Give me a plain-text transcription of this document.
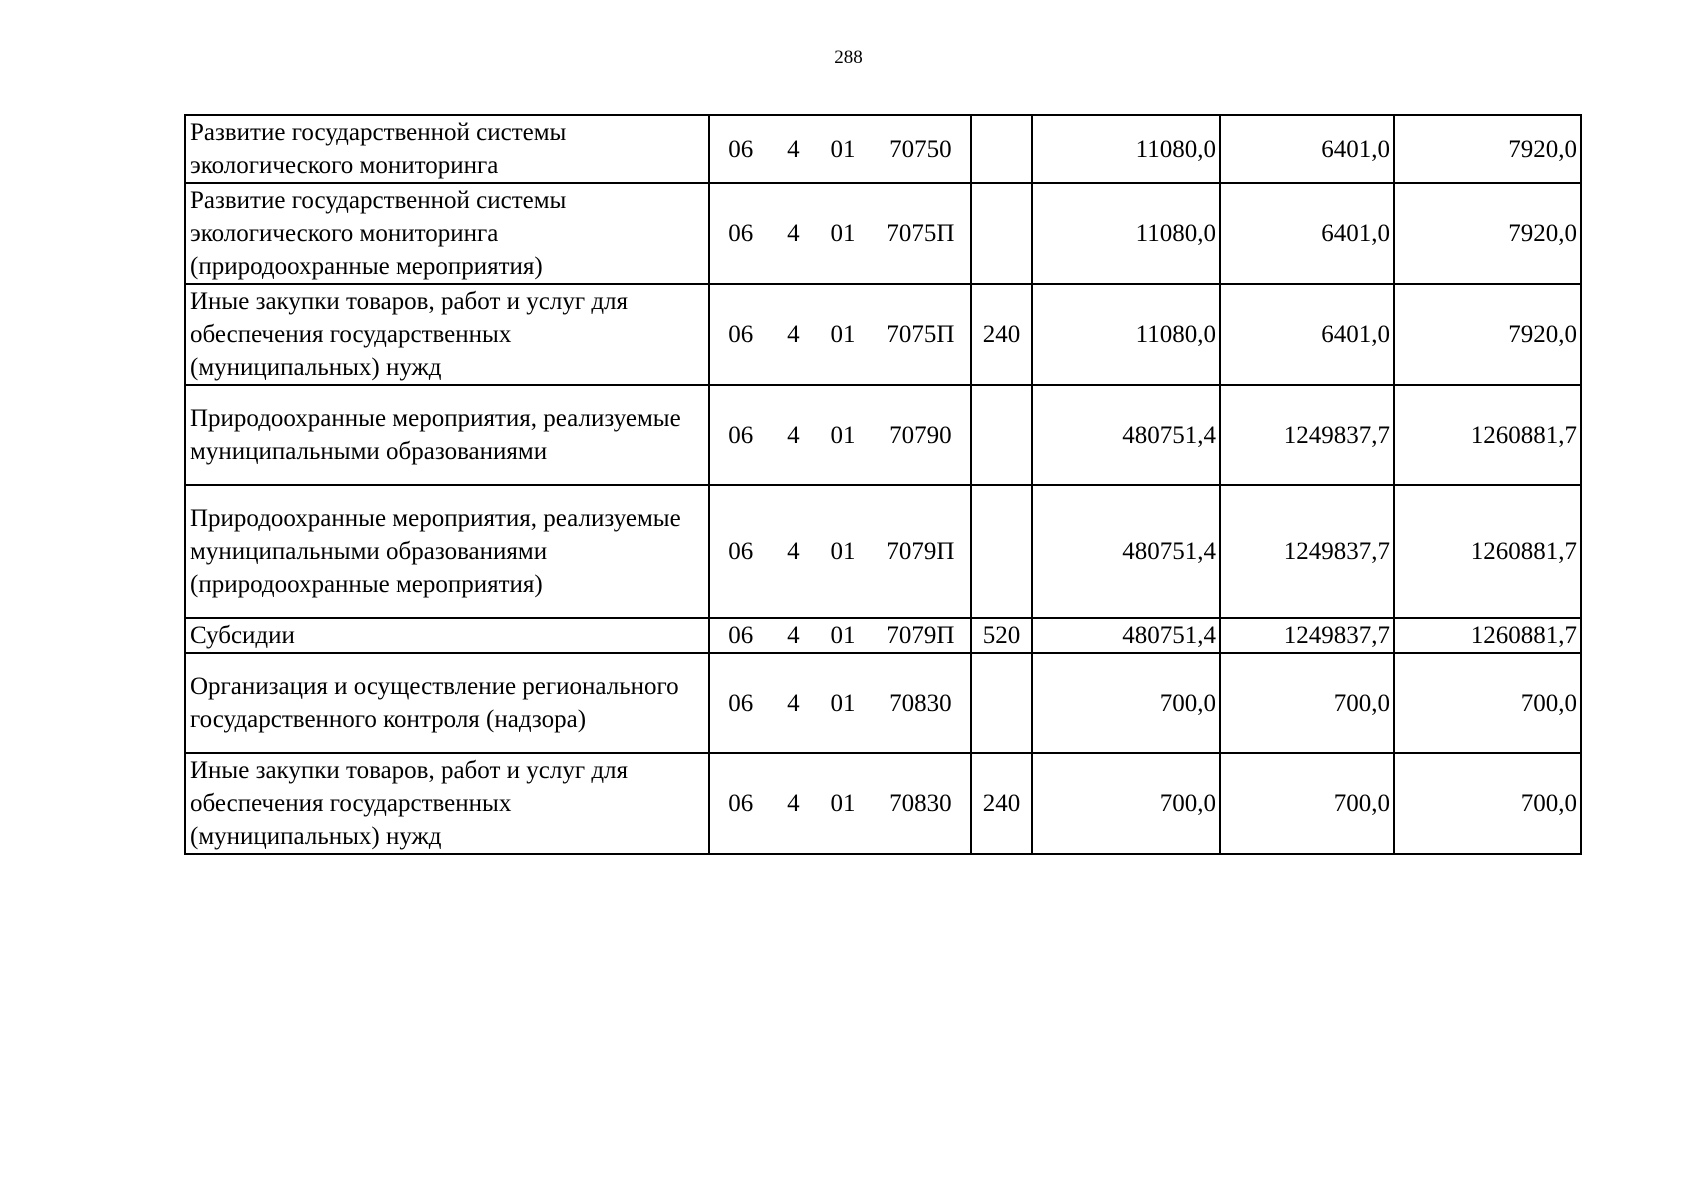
288
Развитие государственной системы экологического мониторинга	06 4 01 70750		11080,0	6401,0	7920,0
Развитие государственной системы экологического мониторинга (природоохранные мероприятия)	06 4 01 7075П		11080,0	6401,0	7920,0
Иные закупки товаров, работ и услуг для обеспечения государственных (муниципальных) нужд	06 4 01 7075П	240	11080,0	6401,0	7920,0
Природоохранные мероприятия, реализуемые муниципальными образованиями	06 4 01 70790		480751,4	1249837,7	1260881,7
Природоохранные мероприятия, реализуемые муниципальными образованиями (природоохранные мероприятия)	06 4 01 7079П		480751,4	1249837,7	1260881,7
Субсидии	06 4 01 7079П	520	480751,4	1249837,7	1260881,7
Организация и осуществление регионального государственного контроля (надзора)	06 4 01 70830		700,0	700,0	700,0
Иные закупки товаров, работ и услуг для обеспечения государственных (муниципальных) нужд	06 4 01 70830	240	700,0	700,0	700,0
